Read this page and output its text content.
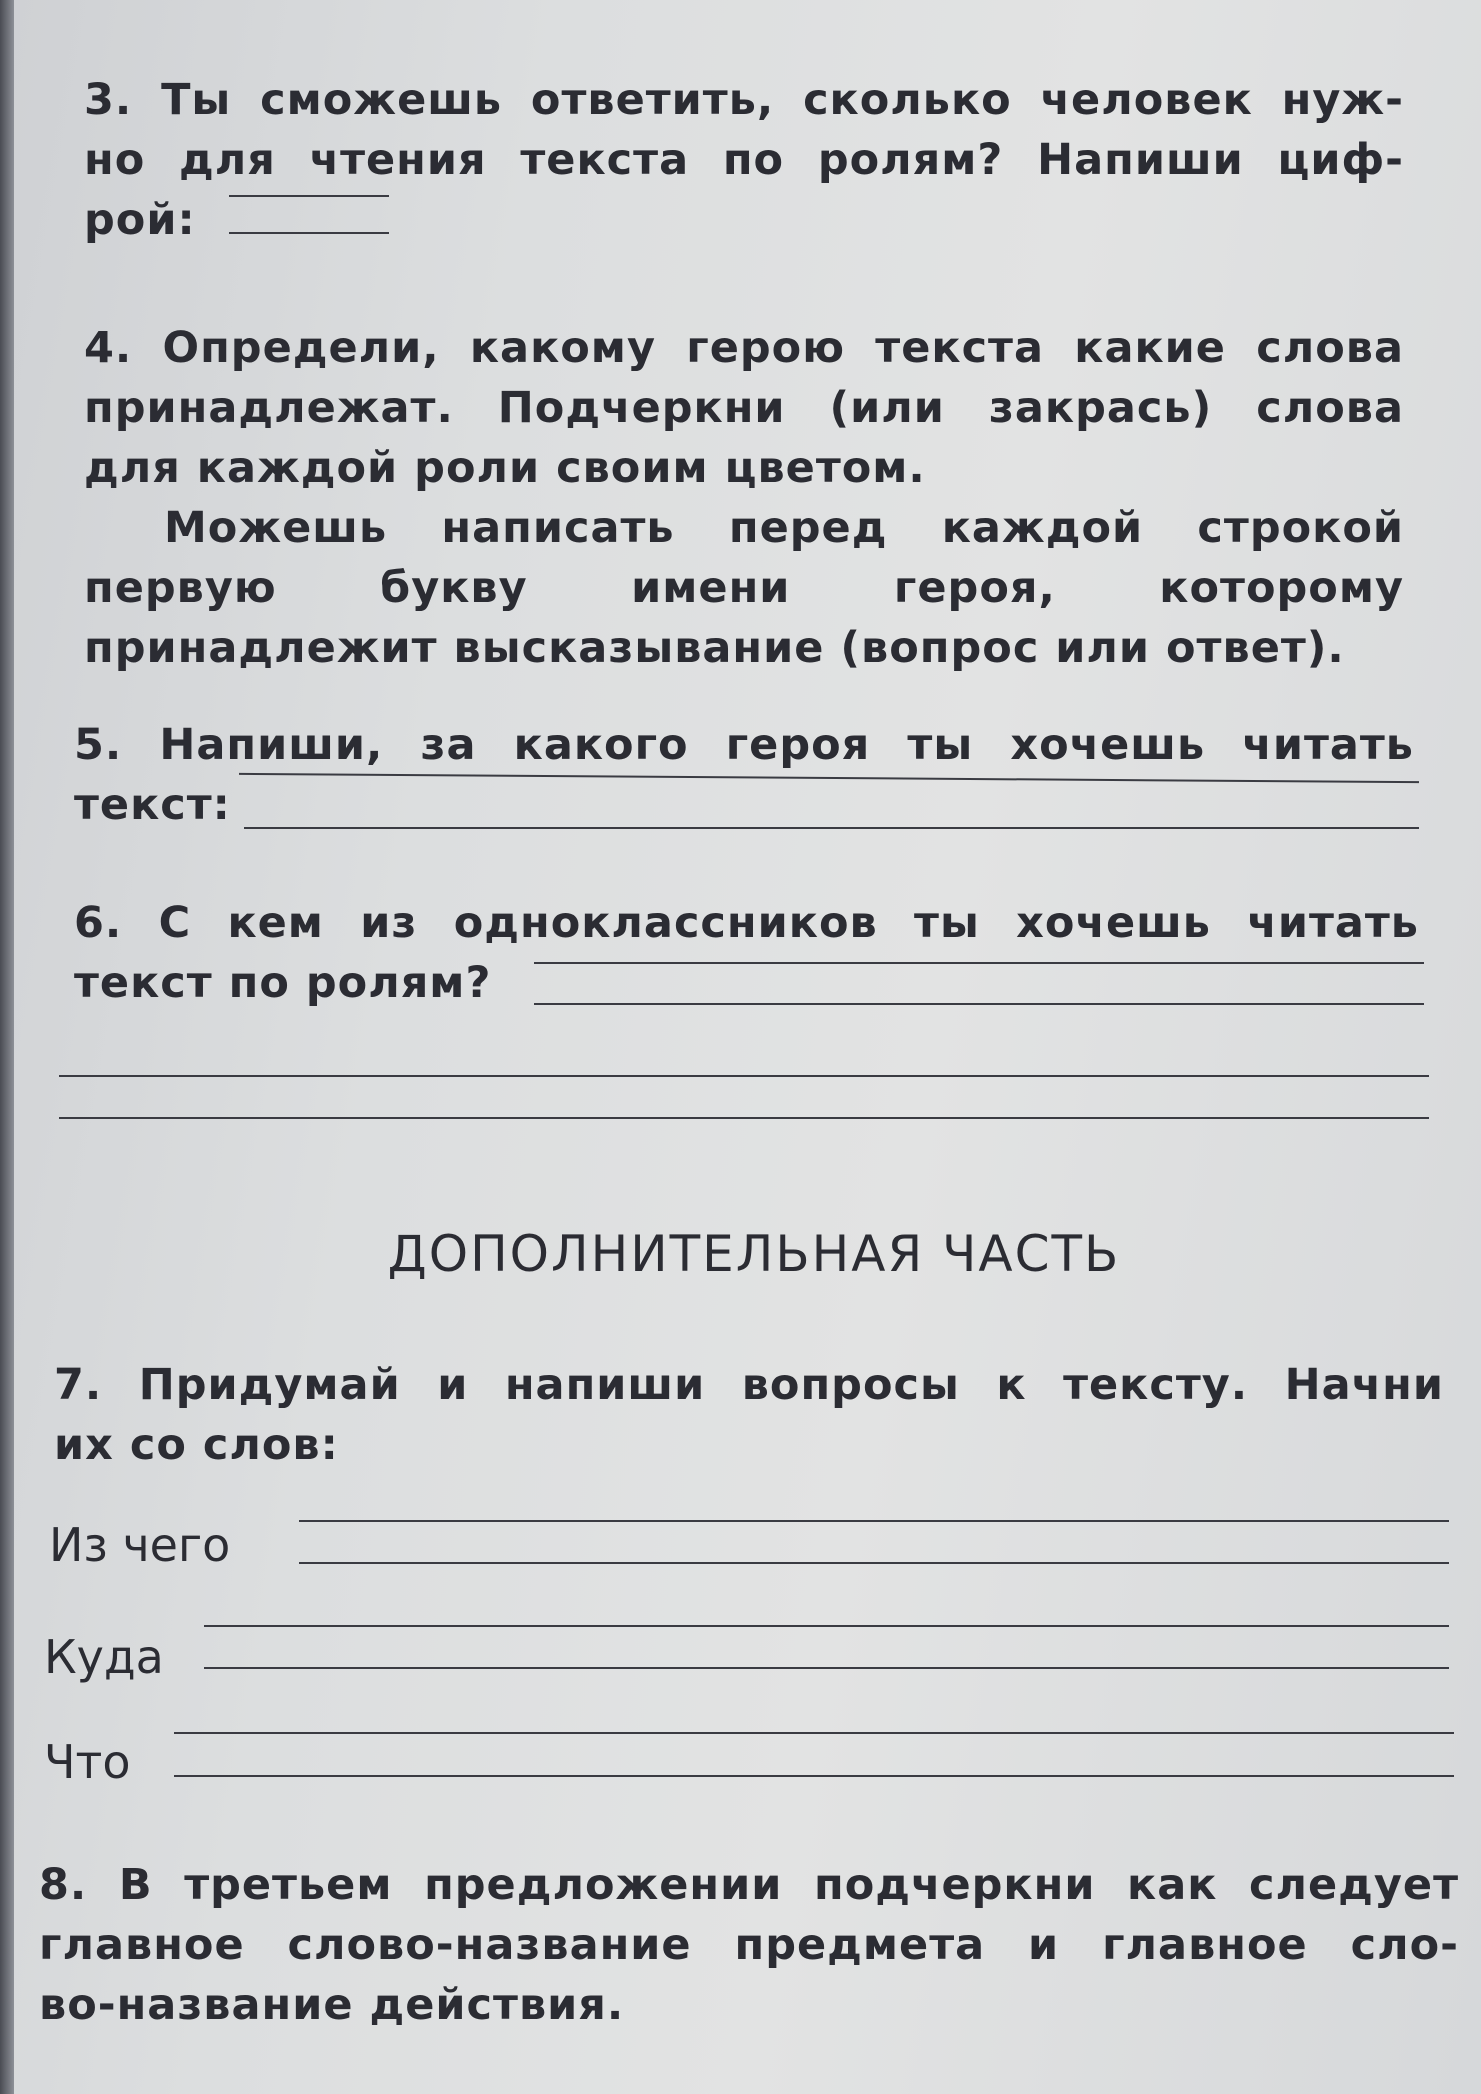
3. Ты сможешь ответить, сколько человек нуж-

но для чтения текста по ролям? Напиши циф-

рой:

4. Определи, какому герою текста какие слова принадлежат. Подчеркни (или закрась) слова для каждой роли своим цветом.

Можешь написать перед каждой строкой первую букву имени героя, которому принадлежит высказывание (вопрос или ответ).

5. Напиши, за какого героя ты хочешь читать

текст:

6. С кем из одноклассников ты хочешь читать

текст по ролям?

ДОПОЛНИТЕЛЬНАЯ ЧАСТЬ

7. Придумай и напиши вопросы к тексту. Начни

их со слов:

Из чего
Куда
Что

8. В третьем предложении подчеркни как следует

главное слово-название предмета и главное сло-

во-название действия.
